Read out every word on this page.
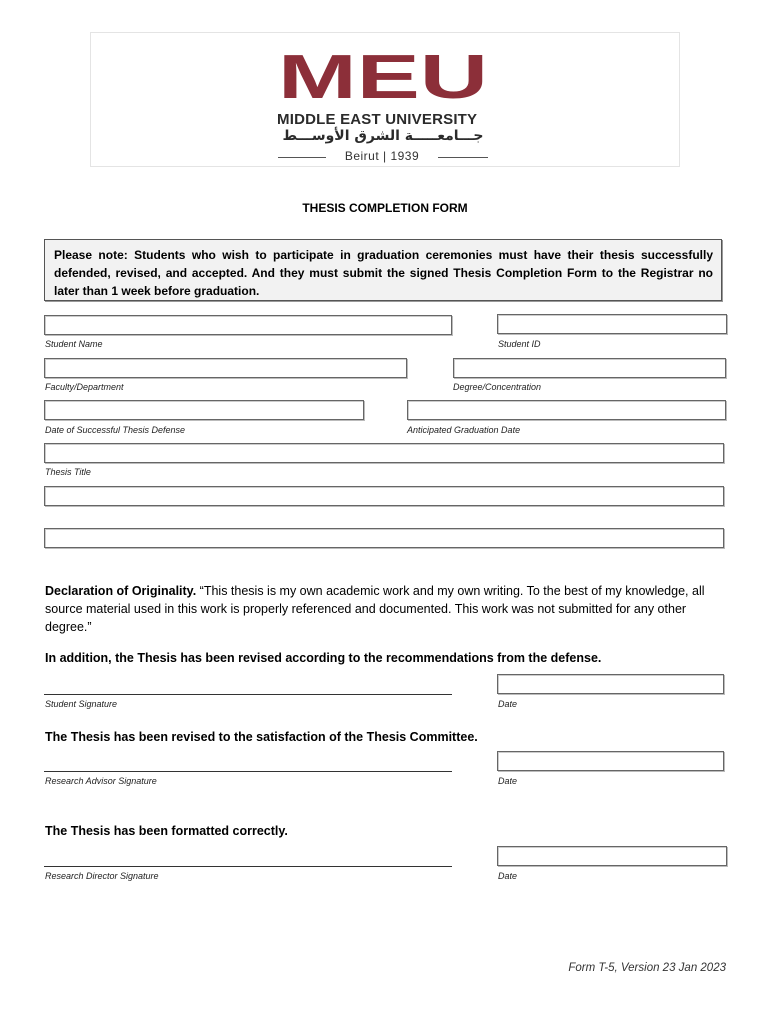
MEU
MIDDLE EAST UNIVERSITY
جـــامعـــــة الشرق الأوســـط
Beirut | 1939
THESIS COMPLETION FORM
Please note: Students who wish to participate in graduation ceremonies must have their thesis successfully defended, revised, and accepted. And they must submit the signed Thesis Completion Form to the Registrar no later than 1 week before graduation.
Student Name	Student ID
Faculty/Department	Degree/Concentration
Date of Successful Thesis Defense	Anticipated Graduation Date
Thesis Title
Declaration of Originality. “This thesis is my own academic work and my own writing. To the best of my knowledge, all source material used in this work is properly referenced and documented. This work was not submitted for any other degree.”
In addition, the Thesis has been revised according to the recommendations from the defense.
Student Signature	Date
The Thesis has been revised to the satisfaction of the Thesis Committee.
Research Advisor Signature	Date
The Thesis has been formatted correctly.
Research Director Signature	Date
Form T-5, Version 23 Jan 2023
